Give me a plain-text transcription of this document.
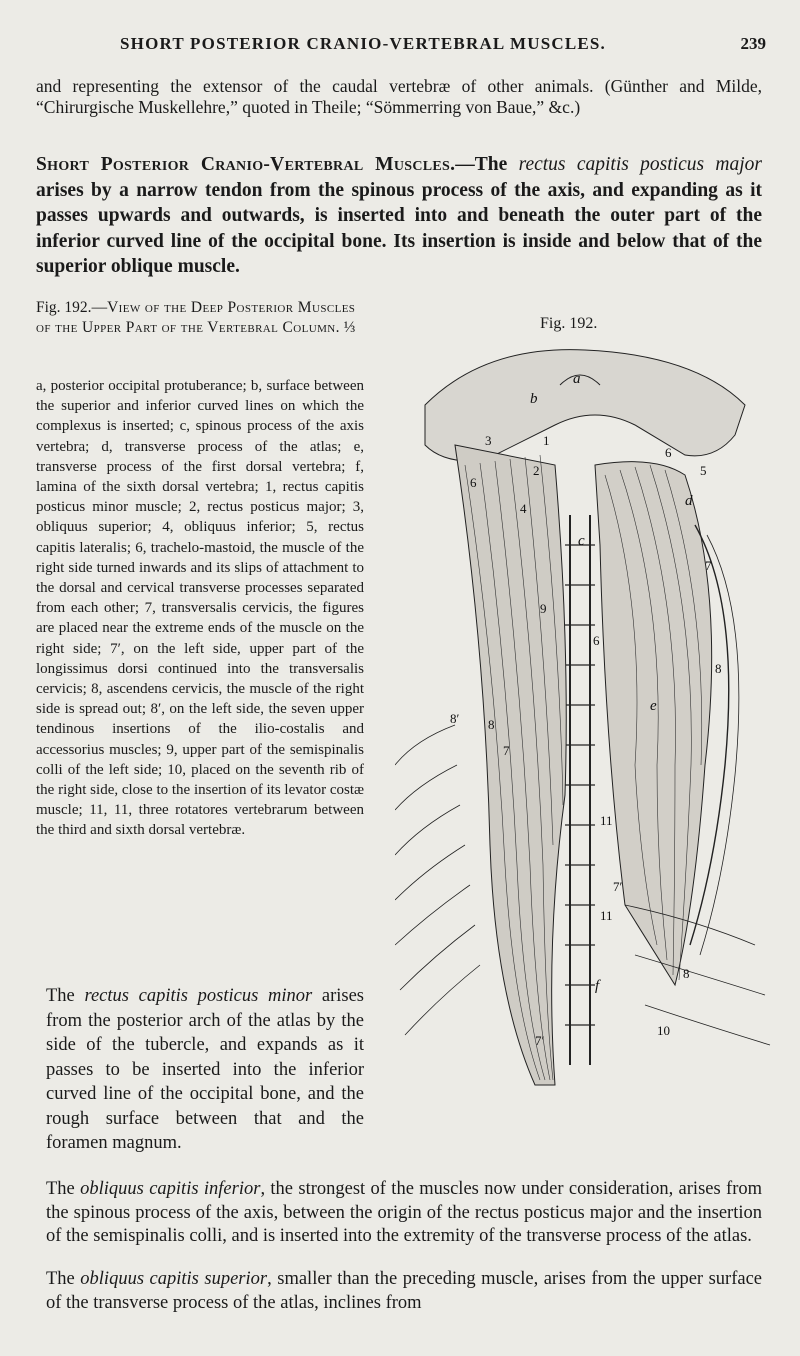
SHORT POSTERIOR CRANIO-VERTEBRAL MUSCLES.	239

and representing the extensor of the caudal vertebræ of other animals. (Günther and Milde, “Chirurgische Muskellehre,” quoted in Theile; “Sömmerring von Baue,” &c.)

Short Posterior Cranio-Vertebral Muscles.—The rectus capitis posticus major arises by a narrow tendon from the spinous process of the axis, and expanding as it passes upwards and outwards, is inserted into and beneath the outer part of the inferior curved line of the occipital bone. Its insertion is inside and below that of the superior oblique muscle.

Fig. 192.—View of the Deep Posterior Muscles of the Upper Part of the Vertebral Column. ⅓

a, posterior occipital protuberance; b, surface between the superior and inferior curved lines on which the complexus is inserted; c, spinous process of the axis vertebra; d, transverse process of the atlas; e, transverse process of the first dorsal vertebra; f, lamina of the sixth dorsal vertebra; 1, rectus capitis posticus minor muscle; 2, rectus posticus major; 3, obliquus superior; 4, obliquus inferior; 5, rectus capitis lateralis; 6, trachelo-mastoid, the muscle of the right side turned inwards and its slips of attachment to the dorsal and cervical transverse processes separated from each other; 7, transversalis cervicis, the figures are placed near the extreme ends of the muscle on the right side; 7′, on the left side, upper part of the longissimus dorsi continued into the transversalis cervicis; 8, ascendens cervicis, the muscle of the right side is spread out; 8′, on the left side, the seven upper tendinous insertions of the ilio-costalis and accessorius muscles; 9, upper part of the semispinalis colli of the left side; 10, placed on the seventh rib of the right side, close to the insertion of its levator costæ muscle; 11, 11, three rotatores vertebrarum between the third and sixth dorsal vertebræ.

Fig. 192.
a
b
c
d
e
f
1
2
3
4
5
6
6
6
7
7
7′
7′
8
8
8′
8
9
10
11
11

The rectus capitis posticus minor arises from the posterior arch of the atlas by the side of the tubercle, and expands as it passes to be inserted into the inferior curved line of the occipital bone, and the rough surface between that and the foramen magnum.

The obliquus capitis inferior, the strongest of the muscles now under consideration, arises from the spinous process of the axis, between the origin of the rectus posticus major and the insertion of the semispinalis colli, and is inserted into the extremity of the transverse process of the atlas.

The obliquus capitis superior, smaller than the preceding muscle, arises from the upper surface of the transverse process of the atlas, inclines from
